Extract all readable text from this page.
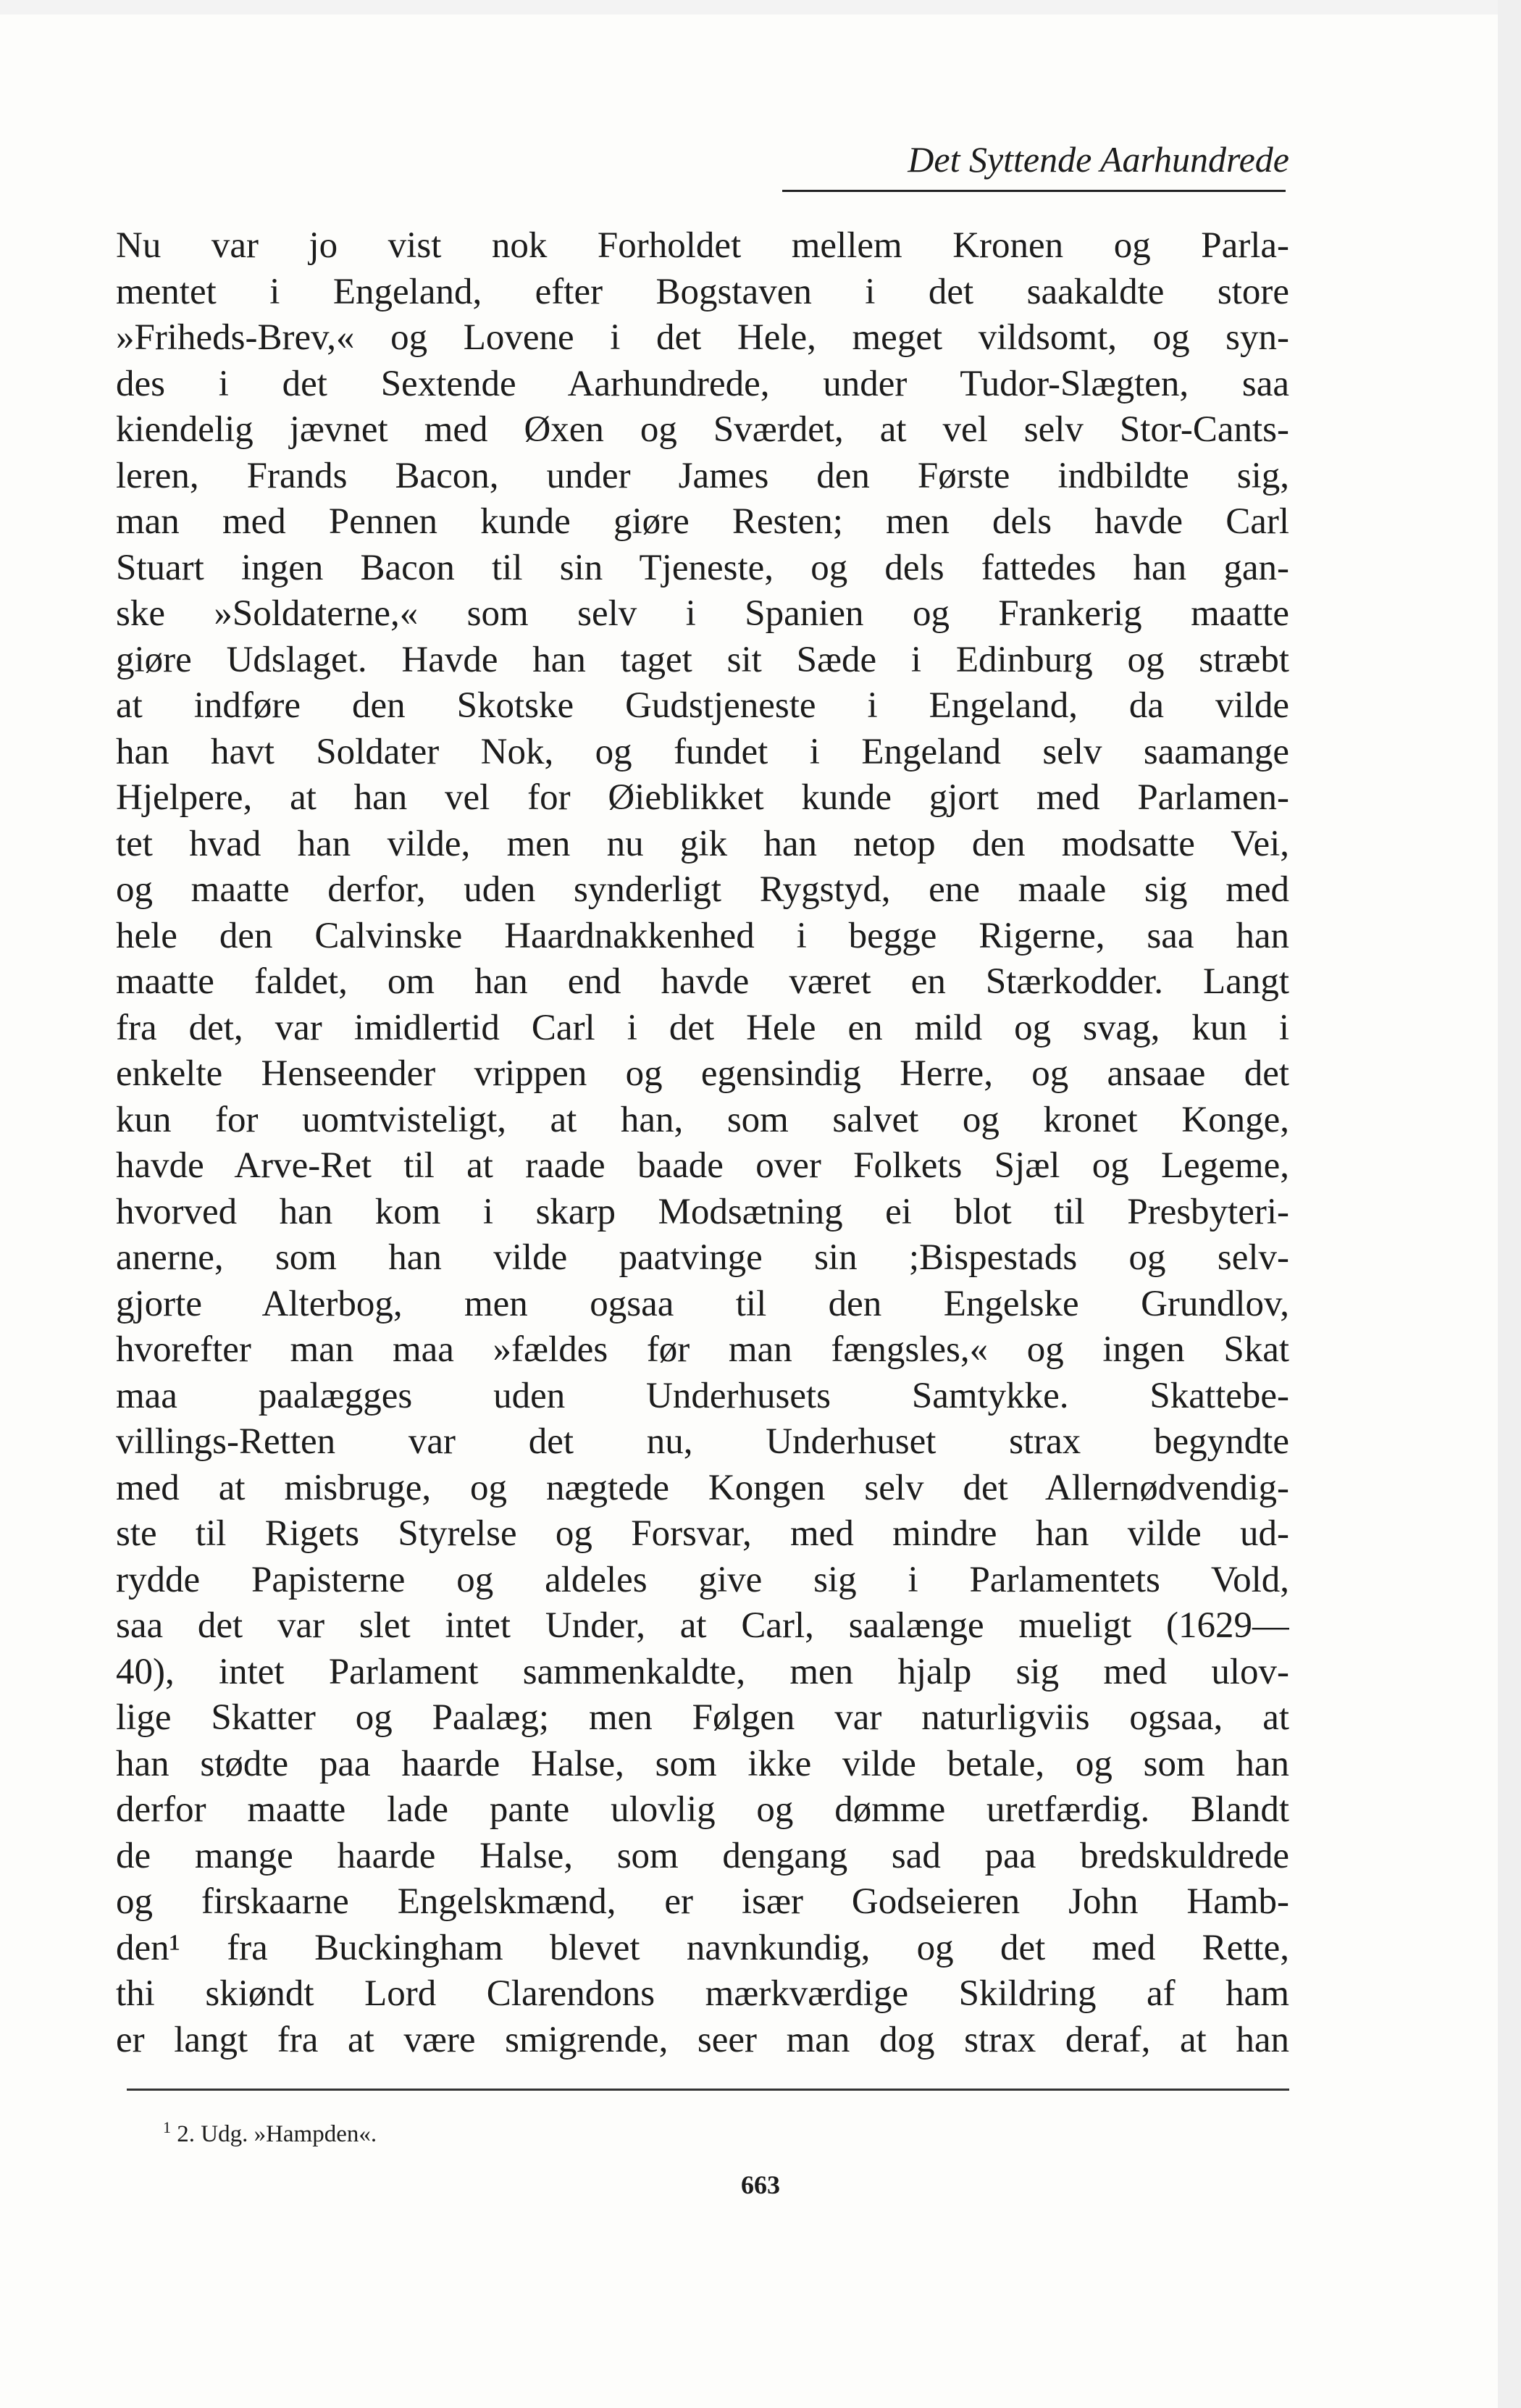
Det Syttende Aarhundrede
Nu var jo vist nok Forholdet mellem Kronen og Parla-
mentet i Engeland, efter Bogstaven i det saakaldte store
»Friheds-Brev,« og Lovene i det Hele, meget vildsomt, og syn-
des i det Sextende Aarhundrede, under Tudor-Slægten, saa
kiendelig jævnet med Øxen og Sværdet, at vel selv Stor-Cants-
leren, Frands Bacon, under James den Første indbildte sig,
man med Pennen kunde giøre Resten; men dels havde Carl
Stuart ingen Bacon til sin Tjeneste, og dels fattedes han gan-
ske »Soldaterne,« som selv i Spanien og Frankerig maatte
giøre Udslaget. Havde han taget sit Sæde i Edinburg og stræbt
at indføre den Skotske Gudstjeneste i Engeland, da vilde
han havt Soldater Nok, og fundet i Engeland selv saamange
Hjelpere, at han vel for Øieblikket kunde gjort med Parlamen-
tet hvad han vilde, men nu gik han netop den modsatte Vei,
og maatte derfor, uden synderligt Rygstyd, ene maale sig med
hele den Calvinske Haardnakkenhed i begge Rigerne, saa han
maatte faldet, om han end havde været en Stærkodder. Langt
fra det, var imidlertid Carl i det Hele en mild og svag, kun i
enkelte Henseender vrippen og egensindig Herre, og ansaae det
kun for uomtvisteligt, at han, som salvet og kronet Konge,
havde Arve-Ret til at raade baade over Folkets Sjæl og Legeme,
hvorved han kom i skarp Modsætning ei blot til Presbyteri-
anerne, som han vilde paatvinge sin ;Bispestads og selv-
gjorte Alterbog, men ogsaa til den Engelske Grundlov,
hvorefter man maa »fældes før man fængsles,« og ingen Skat
maa paalægges uden Underhusets Samtykke. Skattebe-
villings-Retten var det nu, Underhuset strax begyndte
med at misbruge, og nægtede Kongen selv det Allernødvendig-
ste til Rigets Styrelse og Forsvar, med mindre han vilde ud-
rydde Papisterne og aldeles give sig i Parlamentets Vold,
saa det var slet intet Under, at Carl, saalænge mueligt (1629—
40), intet Parlament sammenkaldte, men hjalp sig med ulov-
lige Skatter og Paalæg; men Følgen var naturligviis ogsaa, at
han stødte paa haarde Halse, som ikke vilde betale, og som han
derfor maatte lade pante ulovlig og dømme uretfærdig. Blandt
de mange haarde Halse, som dengang sad paa bredskuldrede
og firskaarne Engelskmænd, er især Godseieren John Hamb-
den¹ fra Buckingham blevet navnkundig, og det med Rette,
thi skiøndt Lord Clarendons mærkværdige Skildring af ham
er langt fra at være smigrende, seer man dog strax deraf, at han
$^1$ 2. Udg. »Hampden«.
663
